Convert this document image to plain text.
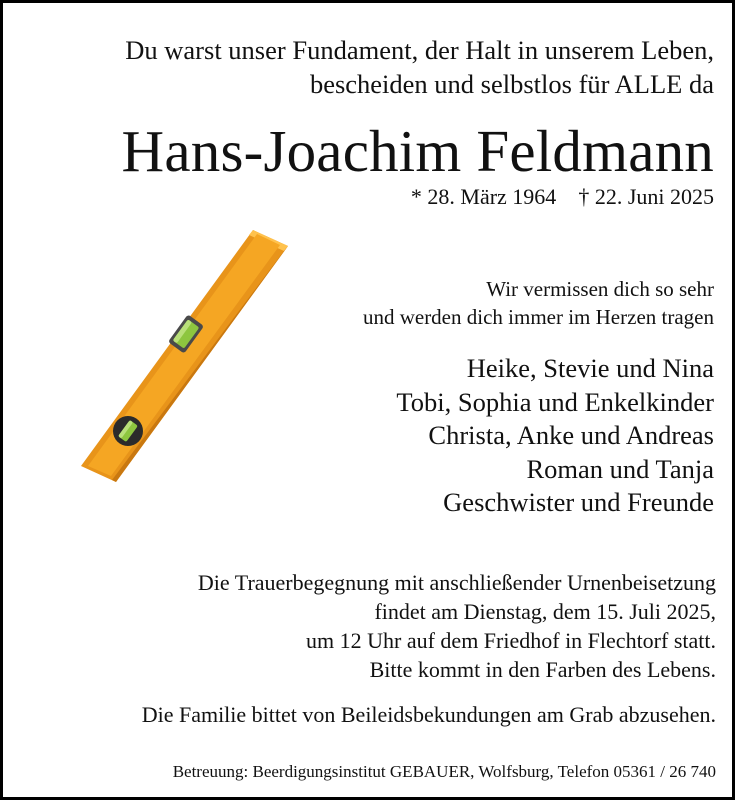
Du warst unser Fundament, der Halt in unserem Leben,
bescheiden und selbstlos für ALLE da
Hans-Joachim Feldmann
* 28. März 1964 † 22. Juni 2025
Wir vermissen dich so sehr
und werden dich immer im Herzen tragen
Heike, Stevie und Nina
Tobi, Sophia und Enkelkinder
Christa, Anke und Andreas
Roman und Tanja
Geschwister und Freunde
Die Trauerbegegnung mit anschließender Urnenbeisetzung
findet am Dienstag, dem 15. Juli 2025,
um 12 Uhr auf dem Friedhof in Flechtorf statt.
Bitte kommt in den Farben des Lebens.
Die Familie bittet von Beileidsbekundungen am Grab abzusehen.
Betreuung: Beerdigungsinstitut GEBAUER, Wolfsburg, Telefon 05361 / 26 740
